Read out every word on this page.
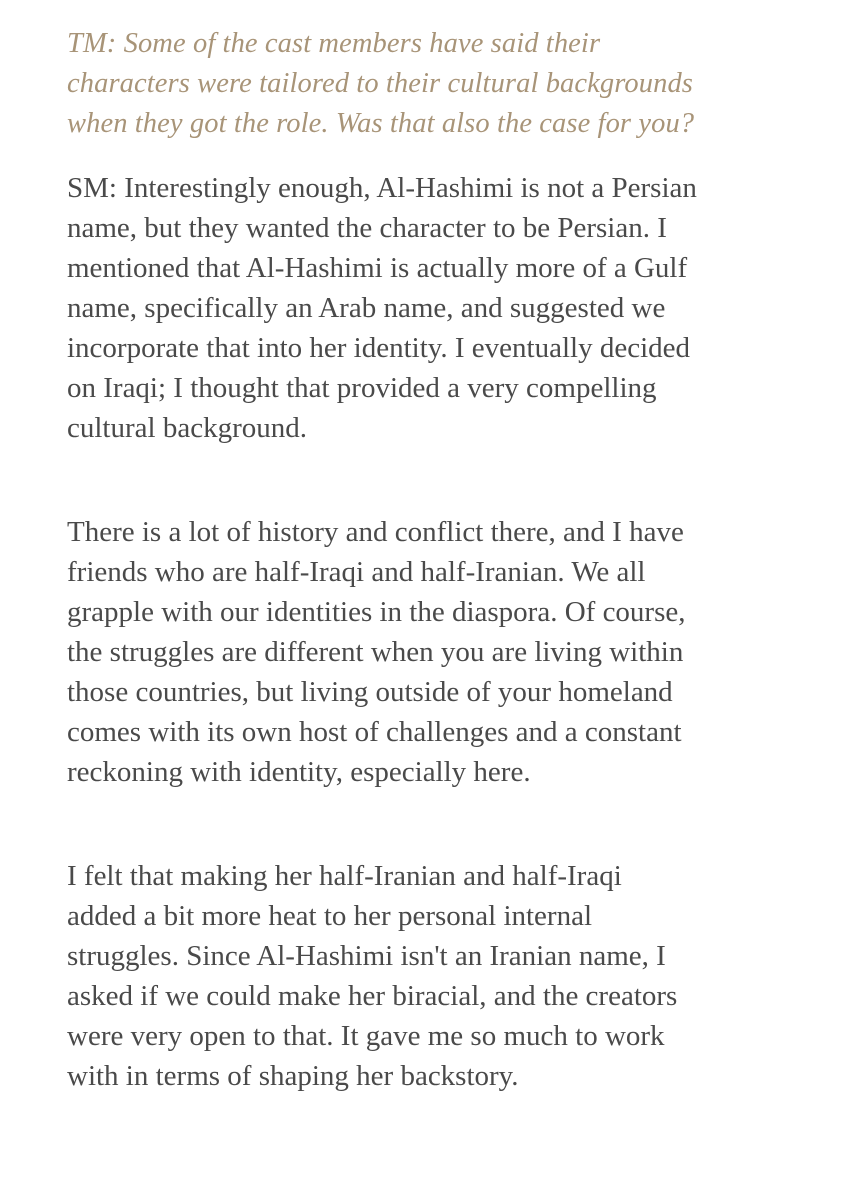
TM: Some of the cast members have said their
characters were tailored to their cultural backgrounds
when they got the role. Was that also the case for you?

SM: Interestingly enough, Al-Hashimi is not a Persian
name, but they wanted the character to be Persian. I
mentioned that Al-Hashimi is actually more of a Gulf
name, specifically an Arab name, and suggested we
incorporate that into her identity. I eventually decided
on Iraqi; I thought that provided a very compelling
cultural background.

There is a lot of history and conflict there, and I have
friends who are half-Iraqi and half-Iranian. We all
grapple with our identities in the diaspora. Of course,
the struggles are different when you are living within
those countries, but living outside of your homeland
comes with its own host of challenges and a constant
reckoning with identity, especially here.

I felt that making her half-Iranian and half-Iraqi
added a bit more heat to her personal internal
struggles. Since Al-Hashimi isn't an Iranian name, I
asked if we could make her biracial, and the creators
were very open to that. It gave me so much to work
with in terms of shaping her backstory.
